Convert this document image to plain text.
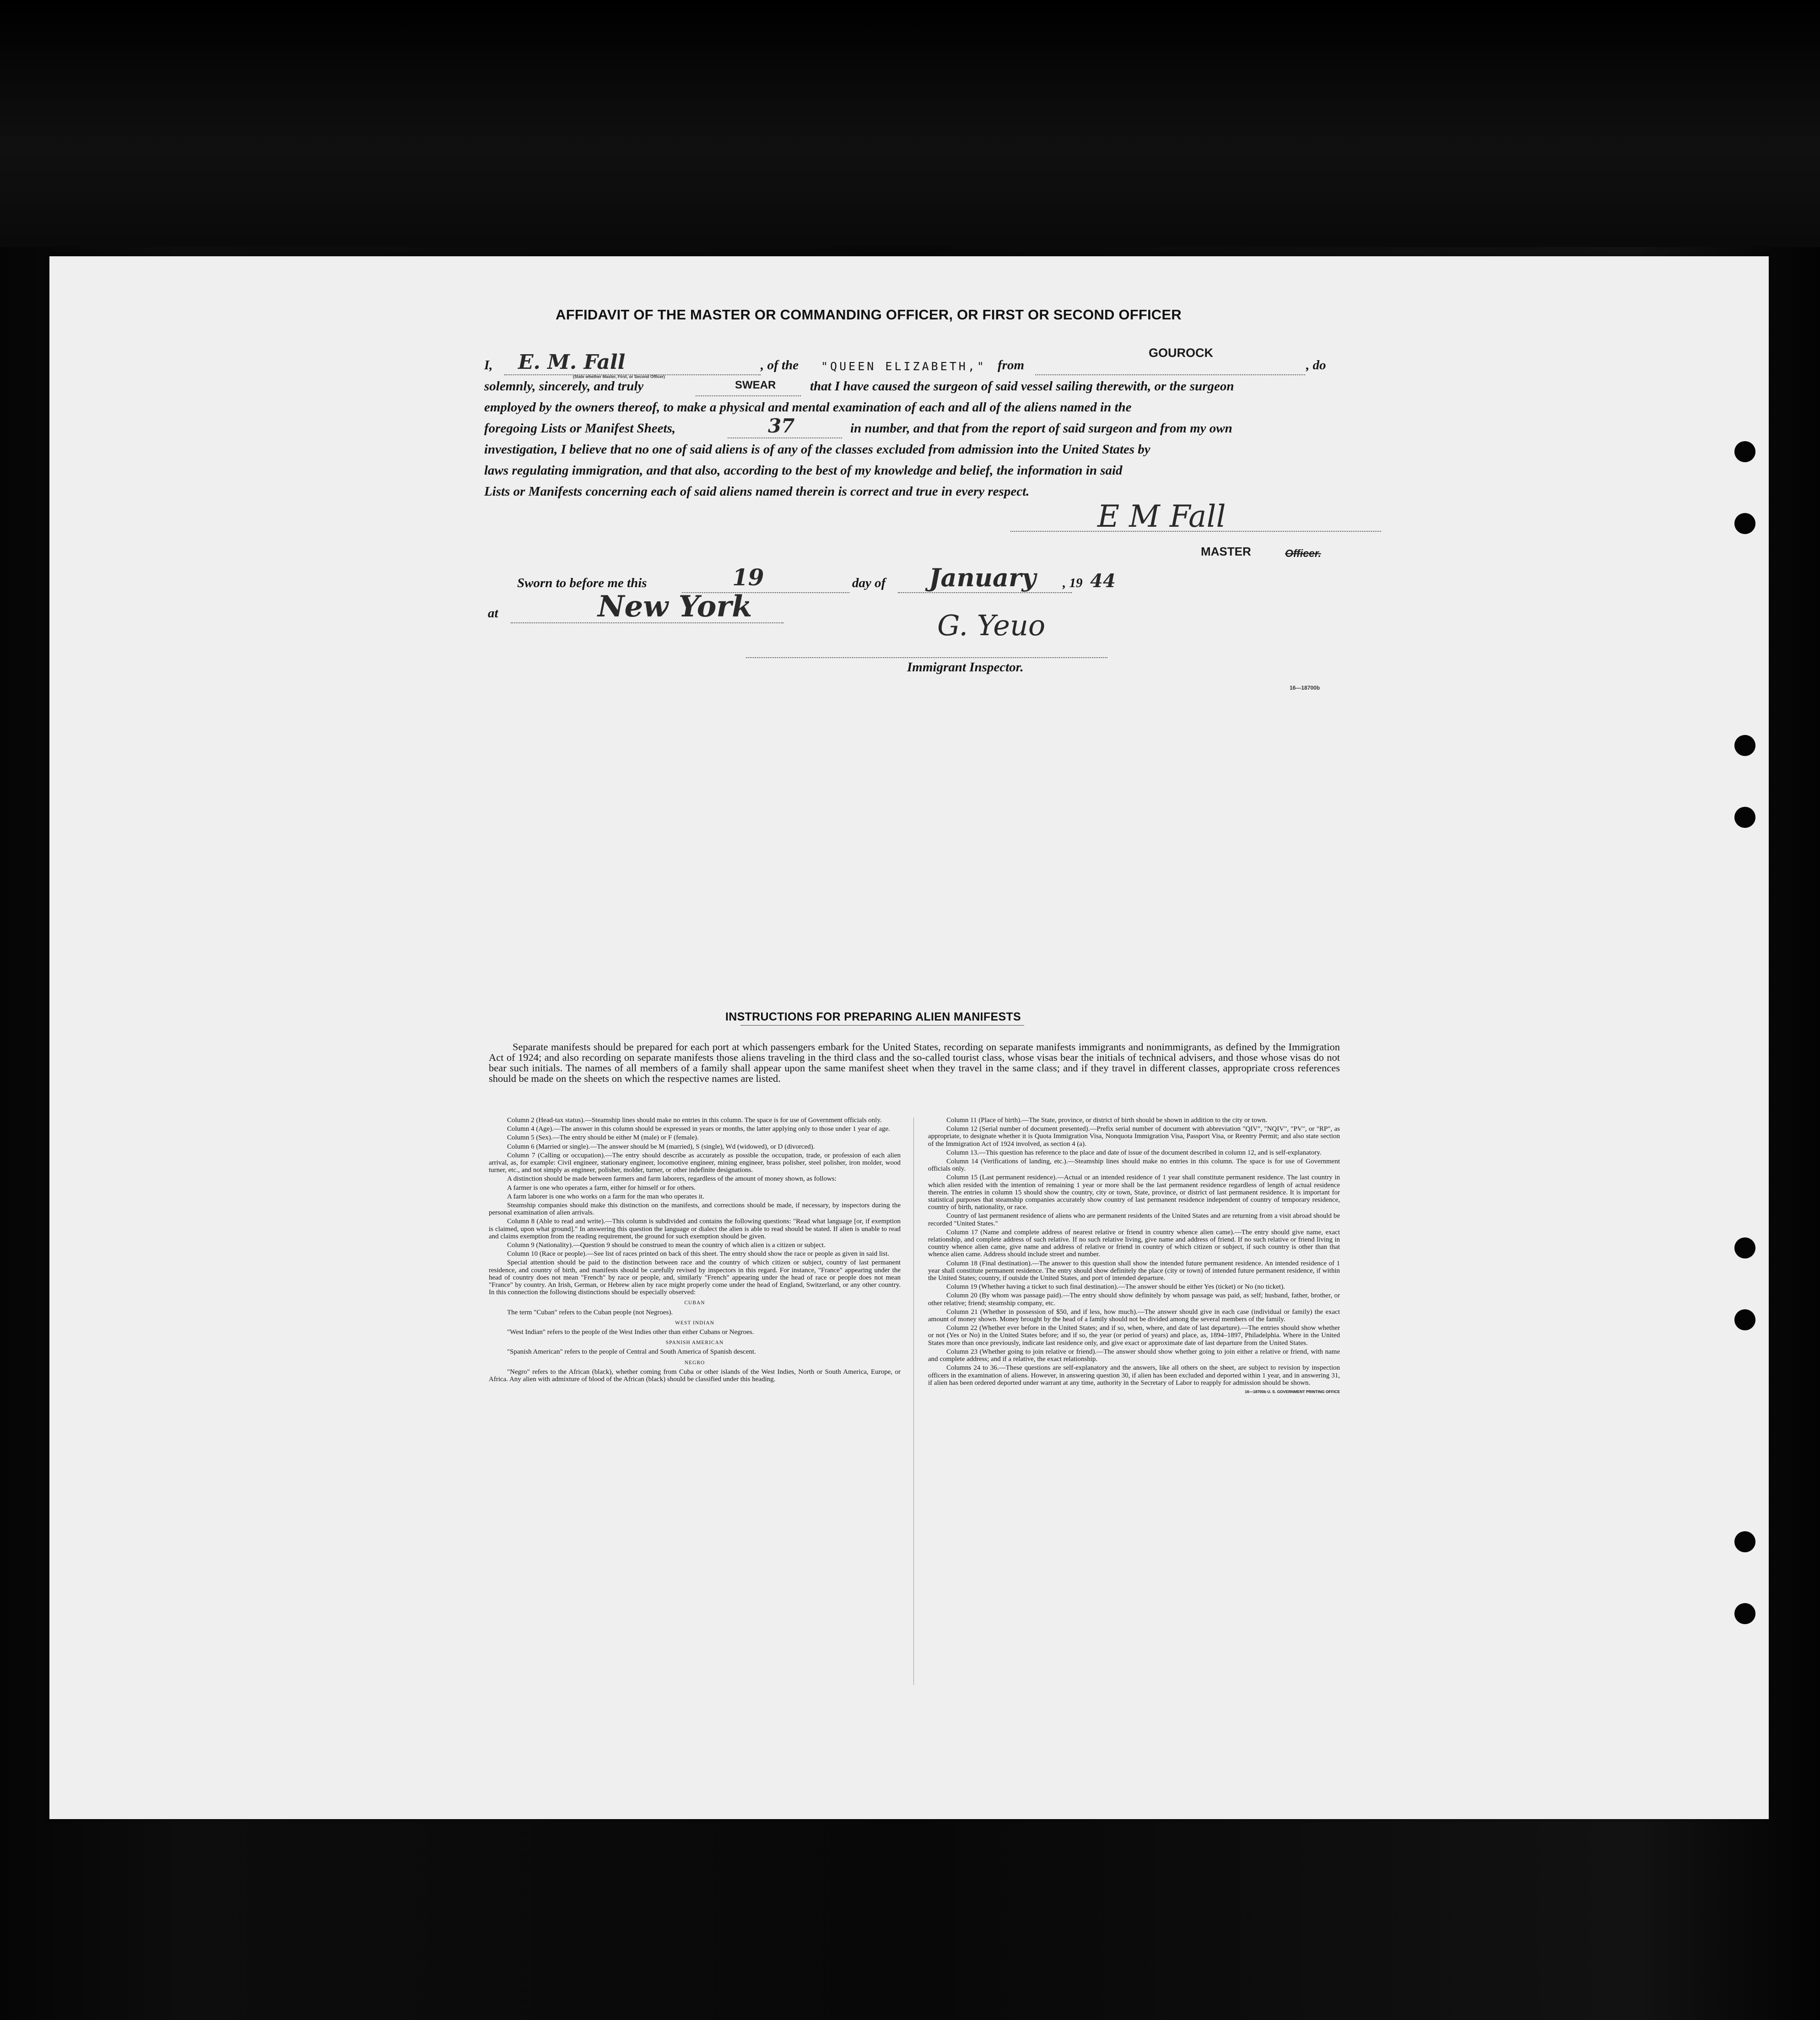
AFFIDAVIT OF THE MASTER OR COMMANDING OFFICER, OR FIRST OR SECOND OFFICER
I, E. M. Fall
(State whether Master, First, or Second Officer)
, of the "QUEEN ELIZABETH," from
GOUROCK
, do
solemnly, sincerely, and truly	SWEAR	that I have caused the surgeon of said vessel sailing therewith, or the surgeon
employed by the owners thereof, to make a physical and mental examination of each and all of the aliens named in the
foregoing Lists or Manifest Sheets,	37	in number, and that from the report of said surgeon and from my own
investigation, I believe that no one of said aliens is of any of the classes excluded from admission into the United States by
laws regulating immigration, and that also, according to the best of my knowledge and belief, the information in said
Lists or Manifests concerning each of said aliens named therein is correct and true in every respect.
E M Fall
MASTER	Officer.
Sworn to before me this	19	day of January , 19 44
at	New York
G. Yeuo
Immigrant Inspector.
16—18700b
INSTRUCTIONS FOR PREPARING ALIEN MANIFESTS
Separate manifests should be prepared for each port at which passengers embark for the United States, recording on separate manifests immigrants and nonimmigrants, as defined by the Immigration Act of 1924; and also recording on separate manifests those aliens traveling in the third class and the so-called tourist class, whose visas bear the initials of technical advisers, and those whose visas do not bear such initials. The names of all members of a family shall appear upon the same manifest sheet when they travel in the same class; and if they travel in different classes, appropriate cross references should be made on the sheets on which the respective names are listed.

Column 2 (Head-tax status).—Steamship lines should make no entries in this column. The space is for use of Government officials only.

Column 4 (Age).—The answer in this column should be expressed in years or months, the latter applying only to those under 1 year of age.

Column 5 (Sex).—The entry should be either M (male) or F (female).

Column 6 (Married or single).—The answer should be M (married), S (single), Wd (widowed), or D (divorced).

Column 7 (Calling or occupation).—The entry should describe as accurately as possible the occupation, trade, or profession of each alien arrival, as, for example: Civil engineer, stationary engineer, locomotive engineer, mining engineer, brass polisher, steel polisher, iron molder, wood turner, etc., and not simply as engineer, polisher, molder, turner, or other indefinite designations.

A distinction should be made between farmers and farm laborers, regardless of the amount of money shown, as follows:

A farmer is one who operates a farm, either for himself or for others.

A farm laborer is one who works on a farm for the man who operates it.

Steamship companies should make this distinction on the manifests, and corrections should be made, if necessary, by inspectors during the personal examination of alien arrivals.

Column 8 (Able to read and write).—This column is subdivided and contains the following questions: "Read what language [or, if exemption is claimed, upon what ground]." In answering this question the language or dialect the alien is able to read should be stated. If alien is unable to read and claims exemption from the reading requirement, the ground for such exemption should be given.

Column 9 (Nationality).—Question 9 should be construed to mean the country of which alien is a citizen or subject.

Column 10 (Race or people).—See list of races printed on back of this sheet. The entry should show the race or people as given in said list.

Special attention should be paid to the distinction between race and the country of which citizen or subject, country of last permanent residence, and country of birth, and manifests should be carefully revised by inspectors in this regard. For instance, "France" appearing under the head of country does not mean "French" by race or people, and, similarly "French" appearing under the head of race or people does not mean "France" by country. An Irish, German, or Hebrew alien by race might properly come under the head of England, Switzerland, or any other country. In this connection the following distinctions should be especially observed:

CUBAN

The term "Cuban" refers to the Cuban people (not Negroes).

WEST INDIAN

"West Indian" refers to the people of the West Indies other than either Cubans or Negroes.

SPANISH AMERICAN

"Spanish American" refers to the people of Central and South America of Spanish descent.

NEGRO

"Negro" refers to the African (black), whether coming from Cuba or other islands of the West Indies, North or South America, Europe, or Africa. Any alien with admixture of blood of the African (black) should be classified under this heading.

Column 11 (Place of birth).—The State, province, or district of birth should be shown in addition to the city or town.

Column 12 (Serial number of document presented).—Prefix serial number of document with abbreviation "QIV", "NQIV", "PV", or "RP", as appropriate, to designate whether it is Quota Immigration Visa, Nonquota Immigration Visa, Passport Visa, or Reentry Permit; and also state section of the Immigration Act of 1924 involved, as section 4 (a).

Column 13.—This question has reference to the place and date of issue of the document described in column 12, and is self-explanatory.

Column 14 (Verifications of landing, etc.).—Steamship lines should make no entries in this column. The space is for use of Government officials only.

Column 15 (Last permanent residence).—Actual or an intended residence of 1 year shall constitute permanent residence. The last country in which alien resided with the intention of remaining 1 year or more shall be the last permanent residence regardless of length of actual residence therein. The entries in column 15 should show the country, city or town, State, province, or district of last permanent residence. It is important for statistical purposes that steamship companies accurately show country of last permanent residence independent of country of temporary residence, country of birth, nationality, or race.

Country of last permanent residence of aliens who are permanent residents of the United States and are returning from a visit abroad should be recorded "United States."

Column 17 (Name and complete address of nearest relative or friend in country whence alien came).—The entry should give name, exact relationship, and complete address of such relative. If no such relative living, give name and address of friend. If no such relative or friend living in country whence alien came, give name and address of relative or friend in country of which citizen or subject, if such country is other than that whence alien came. Address should include street and number.

Column 18 (Final destination).—The answer to this question shall show the intended future permanent residence. An intended residence of 1 year shall constitute permanent residence. The entry should show definitely the place (city or town) of intended future permanent residence, if within the United States; country, if outside the United States, and port of intended departure.

Column 19 (Whether having a ticket to such final destination).—The answer should be either Yes (ticket) or No (no ticket).

Column 20 (By whom was passage paid).—The entry should show definitely by whom passage was paid, as self; husband, father, brother, or other relative; friend; steamship company, etc.

Column 21 (Whether in possession of $50, and if less, how much).—The answer should give in each case (individual or family) the exact amount of money shown. Money brought by the head of a family should not be divided among the several members of the family.

Column 22 (Whether ever before in the United States; and if so, when, where, and date of last departure).—The entries should show whether or not (Yes or No) in the United States before; and if so, the year (or period of years) and place, as, 1894–1897, Philadelphia. Where in the United States more than once previously, indicate last residence only, and give exact or approximate date of last departure from the United States.

Column 23 (Whether going to join relative or friend).—The answer should show whether going to join either a relative or friend, with name and complete address; and if a relative, the exact relationship.

Columns 24 to 36.—These questions are self-explanatory and the answers, like all others on the sheet, are subject to revision by inspection officers in the examination of aliens. However, in answering question 30, if alien has been excluded and deported within 1 year, and in answering 31, if alien has been ordered deported under warrant at any time, authority in the Secretary of Labor to reapply for admission should be shown.

16—18700b U. S. GOVERNMENT PRINTING OFFICE
